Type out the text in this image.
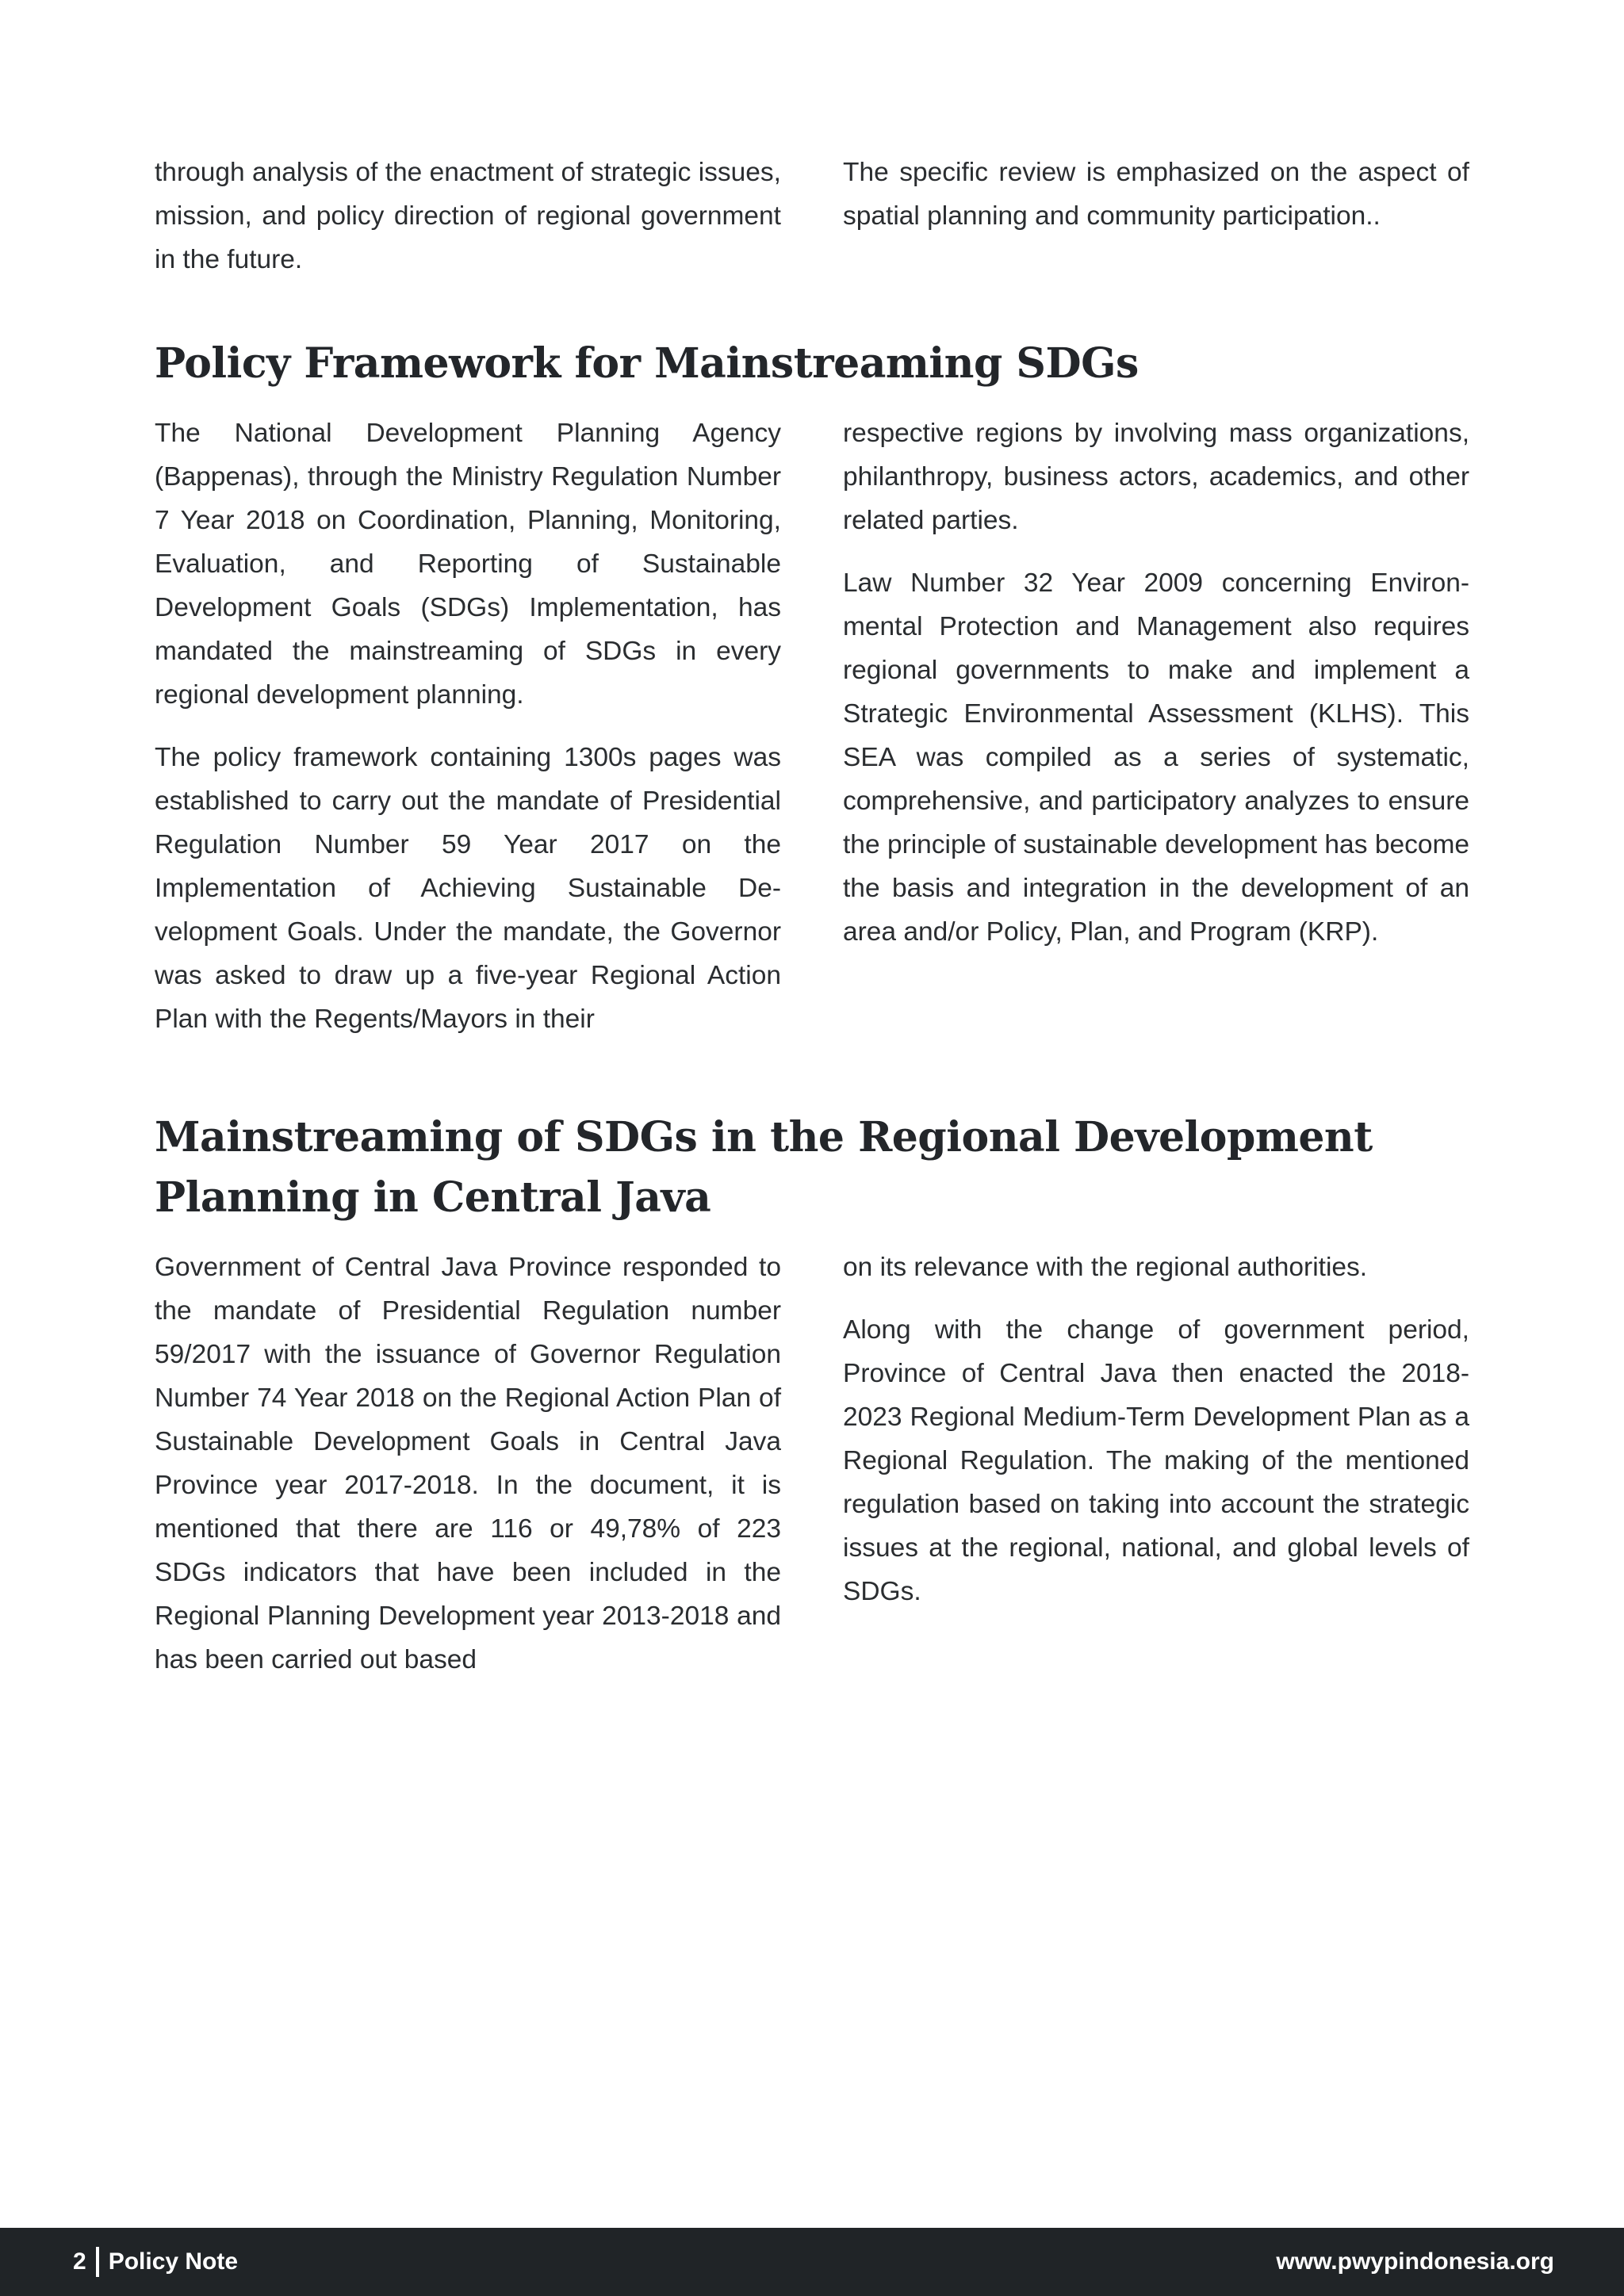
through analysis of the enactment of strategic issues, mission, and policy direction of regional government in the future.

The specific review is emphasized on the aspect of spatial planning and community participation..

Policy Framework for Mainstreaming SDGs

The National Development Planning Agency (Bappenas), through the Ministry Regulation Number 7 Year 2018 on Coordination, Planning, Monitoring, Evaluation, and Reporting of Sustainable Development Goals (SDGs) Implementation, has mandated the mainstreaming of SDGs in every regional development planning.

The policy framework containing 1300s pages was established to carry out the mandate of Presidential Regulation Number 59 Year 2017 on the Implementation of Achieving Sustainable Development Goals. Under the mandate, the Governor was asked to draw up a five-year Regional Action Plan with the Regents/Mayors in their

respective regions by involving mass organizations, philanthropy, business actors, academics, and other related parties.

Law Number 32 Year 2009 concerning Environmental Protection and Management also requires regional governments to make and implement a Strategic Environmental Assessment (KLHS). This SEA was compiled as a series of systematic, comprehensive, and participatory analyzes to ensure the principle of sustainable development has become the basis and integration in the development of an area and/or Policy, Plan, and Program (KRP).

Mainstreaming of SDGs in the Regional Development Planning in Central Java

Government of Central Java Province responded to the mandate of Presidential Regulation number 59/2017 with the issuance of Governor Regulation Number 74 Year 2018 on the Regional Action Plan of Sustainable Development Goals in Central Java Province year 2017-2018. In the document, it is mentioned that there are 116 or 49,78% of 223 SDGs indicators that have been included in the Regional Planning Development year 2013-2018 and has been carried out based

on its relevance with the regional authorities.

Along with the change of government period, Province of Central Java then enacted the 2018-2023 Regional Medium-Term Development Plan as a Regional Regulation. The making of the mentioned regulation based on taking into account the strategic issues at the regional, national, and global levels of SDGs.

2 Policy Note	www.pwypindonesia.org
